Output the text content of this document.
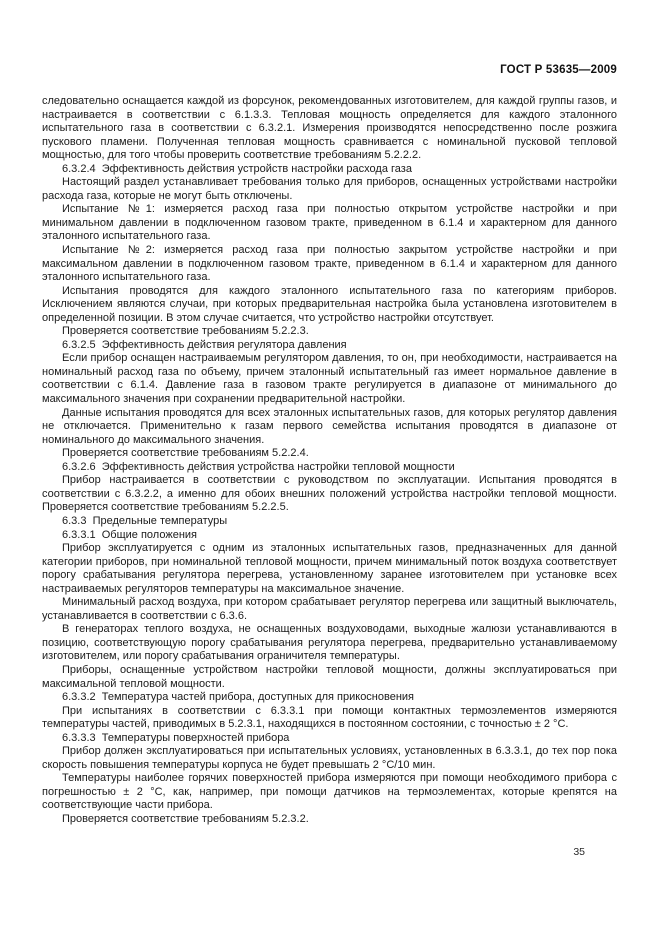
ГОСТ Р 53635—2009

следовательно оснащается каждой из форсунок, рекомендованных изготовителем, для каждой группы газов, и настраивается в соответствии с 6.1.3.3. Тепловая мощность определяется для каждого эталонного испытательного газа в соответствии с 6.3.2.1. Измерения производятся непосредственно после розжига пускового пламени. Полученная тепловая мощность сравнивается с номинальной пусковой тепловой мощностью, для того чтобы проверить соответствие требованиям 5.2.2.2.

6.3.2.4  Эффективность действия устройств настройки расхода газа

Настоящий раздел устанавливает требования только для приборов, оснащенных устройствами настройки расхода газа, которые не могут быть отключены.

Испытание №1: измеряется расход газа при полностью открытом устройстве настройки и при минимальном давлении в подключенном газовом тракте, приведенном в 6.1.4 и характерном для данного эталонного испытательного газа.

Испытание №2: измеряется расход газа при полностью закрытом устройстве настройки и при максимальном давлении в подключенном газовом тракте, приведенном в 6.1.4 и характерном для данного эталонного испытательного газа.

Испытания проводятся для каждого эталонного испытательного газа по категориям приборов. Исключением являются случаи, при которых предварительная настройка была установлена изготовителем в определенной позиции. В этом случае считается, что устройство настройки отсутствует.

Проверяется соответствие требованиям 5.2.2.3.

6.3.2.5  Эффективность действия регулятора давления

Если прибор оснащен настраиваемым регулятором давления, то он, при необходимости, настраивается на номинальный расход газа по объему, причем эталонный испытательный газ имеет нормальное давление в соответствии с 6.1.4. Давление газа в газовом тракте регулируется в диапазоне от минимального до максимального значения при сохранении предварительной настройки.

Данные испытания проводятся для всех эталонных испытательных газов, для которых регулятор давления не отключается. Применительно к газам первого семейства испытания проводятся в диапазоне от номинального до максимального значения.

Проверяется соответствие требованиям 5.2.2.4.

6.3.2.6  Эффективность действия устройства настройки тепловой мощности

Прибор настраивается в соответствии с руководством по эксплуатации. Испытания проводятся в соответствии с 6.3.2.2, а именно для обоих внешних положений устройства настройки тепловой мощности. Проверяется соответствие требованиям 5.2.2.5.

6.3.3  Предельные температуры

6.3.3.1  Общие положения

Прибор эксплуатируется с одним из эталонных испытательных газов, предназначенных для данной категории приборов, при номинальной тепловой мощности, причем минимальный поток воздуха соответствует порогу срабатывания регулятора перегрева, установленному заранее изготовителем при установке всех настраиваемых регуляторов температуры на максимальное значение.

Минимальный расход воздуха, при котором срабатывает регулятор перегрева или защитный выключатель, устанавливается в соответствии с 6.3.6.

В генераторах теплого воздуха, не оснащенных воздуховодами, выходные жалюзи устанавливаются в позицию, соответствующую порогу срабатывания регулятора перегрева, предварительно устанавливаемому изготовителем, или порогу срабатывания ограничителя температуры.

Приборы, оснащенные устройством настройки тепловой мощности, должны эксплуатироваться при максимальной тепловой мощности.

6.3.3.2  Температура частей прибора, доступных для прикосновения

При испытаниях в соответствии с 6.3.3.1 при помощи контактных термоэлементов измеряются температуры частей, приводимых в 5.2.3.1, находящихся в постоянном состоянии, с точностью ± 2 °С.

6.3.3.3  Температуры поверхностей прибора

Прибор должен эксплуатироваться при испытательных условиях, установленных в 6.3.3.1, до тех пор пока скорость повышения температуры корпуса не будет превышать 2 °С/10 мин.

Температуры наиболее горячих поверхностей прибора измеряются при помощи необходимого прибора с погрешностью ± 2 °С, как, например, при помощи датчиков на термоэлементах, которые крепятся на соответствующие части прибора.

Проверяется соответствие требованиям 5.2.3.2.

35
